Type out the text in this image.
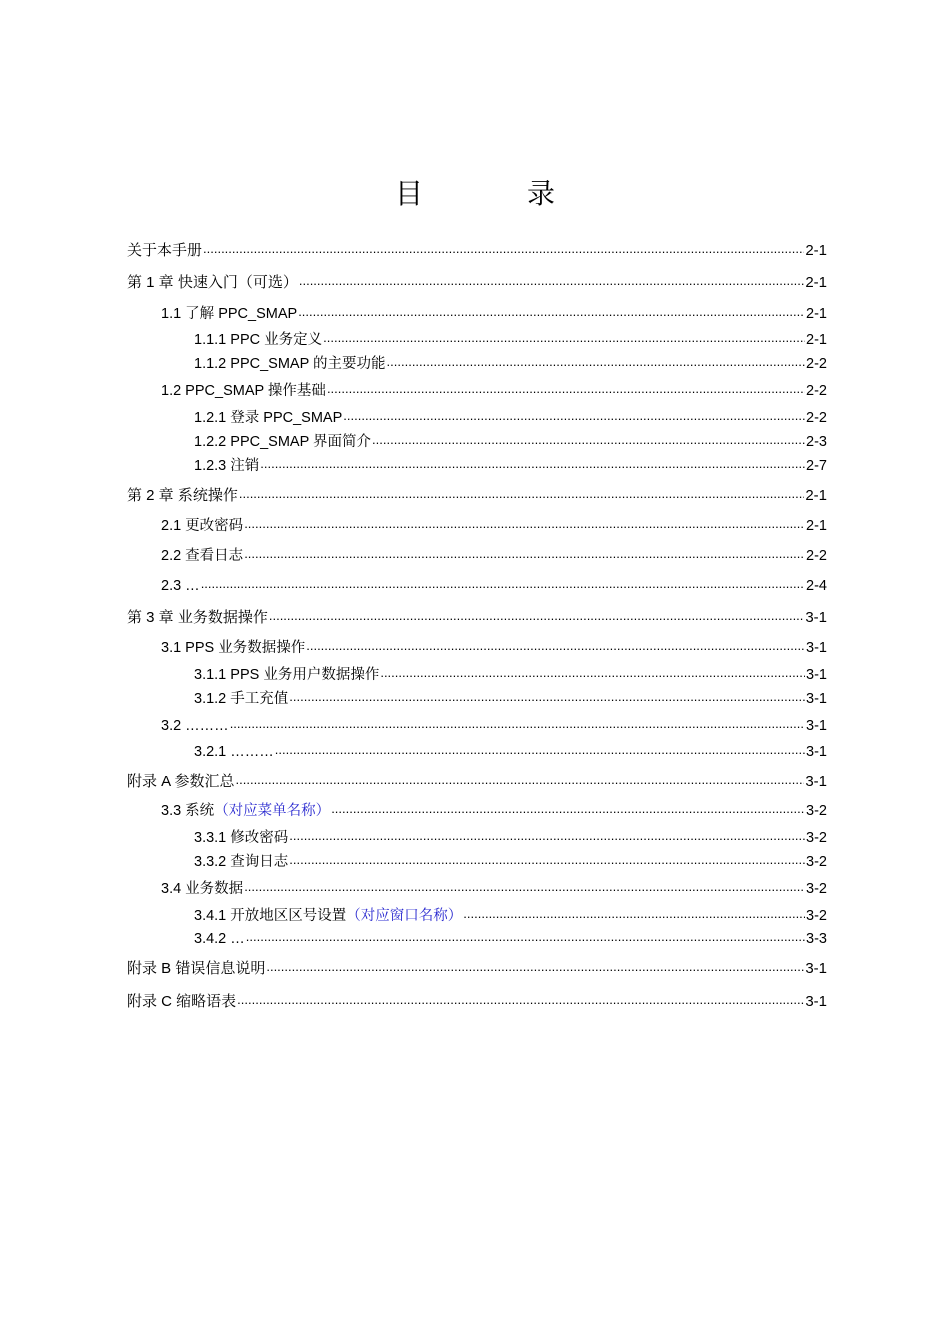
目　录
关于本手册 .....	2-1
第 1 章 快速入门（可选） .....	2-1
1.1 了解 PPC_SMAP .....	2-1
1.1.1 PPC 业务定义 .....	2-1
1.1.2 PPC_SMAP 的主要功能 .....	2-2
1.2 PPC_SMAP 操作基础 .....	2-2
1.2.1 登录 PPC_SMAP .....	2-2
1.2.2 PPC_SMAP 界面简介 .....	2-3
1.2.3 注销 .....	2-7
第 2 章 系统操作 .....	2-1
2.1 更改密码 .....	2-1
2.2 查看日志 .....	2-2
2.3 … .....	2-4
第 3 章 业务数据操作 .....	3-1
3.1 PPS 业务数据操作 .....	3-1
3.1.1 PPS 业务用户数据操作 .....	3-1
3.1.2 手工充值 .....	3-1
3.2 ……… .....	3-1
3.2.1 ……… .....	3-1
附录 A 参数汇总 .....	3-1
3.3 系统（对应菜单名称） .....	3-2
3.3.1 修改密码 .....	3-2
3.3.2 查询日志 .....	3-2
3.4 业务数据 .....	3-2
3.4.1 开放地区区号设置（对应窗口名称） .....	3-2
3.4.2 … .....	3-3
附录 B 错误信息说明 .....	3-1
附录 C 缩略语表 .....	3-1
